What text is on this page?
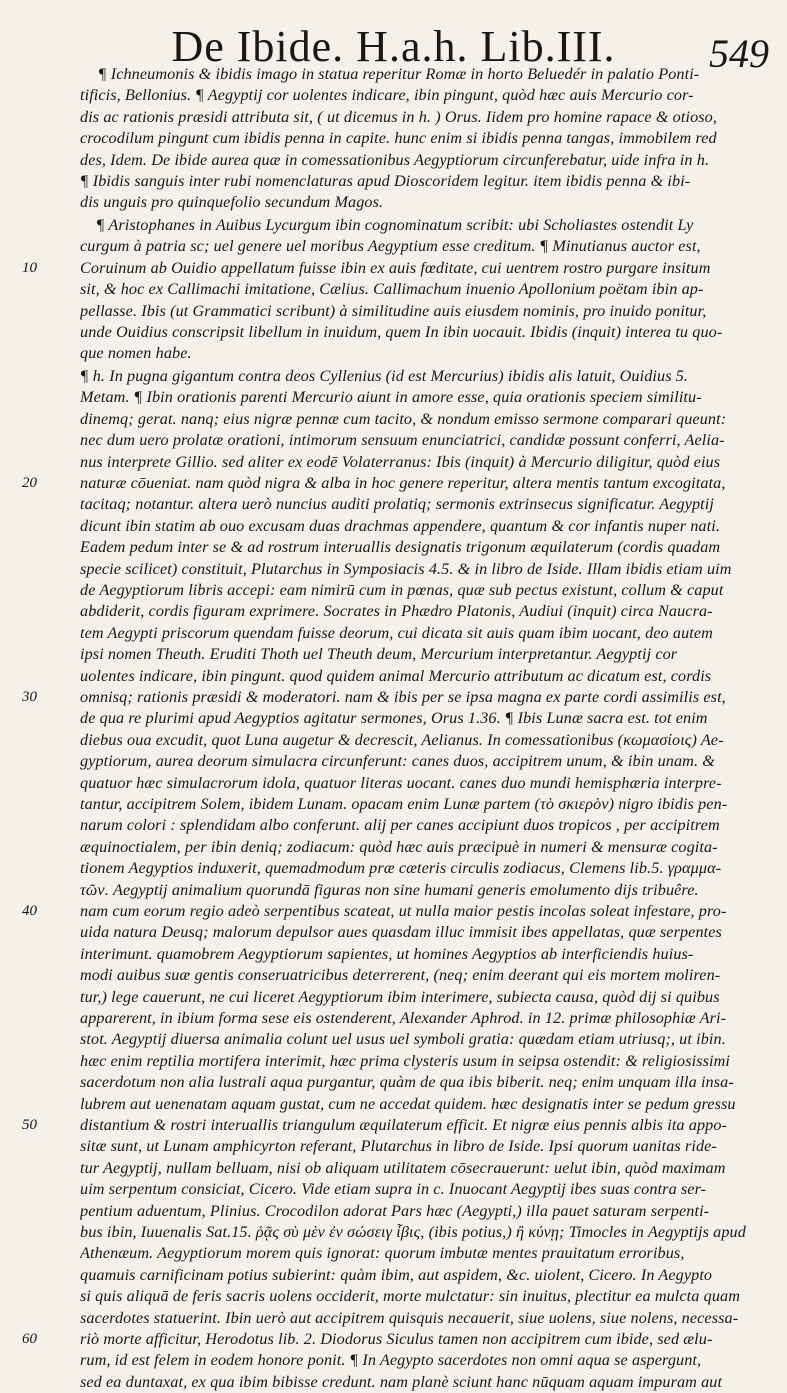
De Ibide. H.a.h. Lib.III.	549
¶ Ichneumonis & ibidis imago in statua reperitur Romæ in horto Beluedér in palatio Ponti-
tificis, Bellonius. ¶ Aegyptij cor uolentes indicare, ibin pingunt, quòd hæc auis Mercurio cor-
dis ac rationis præsidi attributa sit, ( ut dicemus in h. ) Orus. Iidem pro homine rapace & otioso,
crocodilum pingunt cum ibidis penna in capite. hunc enim si ibidis penna tangas, immobilem red
des, Idem. De ibide aurea quæ in comessationibus Aegyptiorum circunferebatur, uide infra in h.
¶ Ibidis sanguis inter rubi nomenclaturas apud Dioscoridem legitur. item ibidis penna & ibi-
dis unguis pro quinquefolio secundum Magos.
¶ Aristophanes in Auibus Lycurgum ibin cognominatum scribit: ubi Scholiastes ostendit Ly
curgum à patria sc; uel genere uel moribus Aegyptium esse creditum. ¶ Minutianus auctor est,
Coruinum ab Ouidio appellatum fuisse ibin ex auis fœditate, cui uentrem rostro purgare insitum
sit, & hoc ex Callimachi imitatione, Cælius. Callimachum inuenio Apollonium poëtam ibin ap-
pellasse. Ibis (ut Grammatici scribunt) à similitudine auis eiusdem nominis, pro inuido ponitur,
unde Ouidius conscripsit libellum in inuidum, quem In ibin uocauit. Ibidis (inquit) interea tu quo-
que nomen habe.
¶ h. In pugna gigantum contra deos Cyllenius (id est Mercurius) ibidis alis latuit, Ouidius 5.
Metam. ¶ Ibin orationis parenti Mercurio aiunt in amore esse, quia orationis speciem similitu-
dinemq; gerat. nanq; eius nigræ pennæ cum tacito, & nondum emisso sermone comparari queunt:
nec dum uero prolatæ orationi, intimorum sensuum enunciatrici, candidæ possunt conferri, Aelia-
nus interprete Gillio. sed aliter ex eodē Volaterranus: Ibis (inquit) à Mercurio diligitur, quòd eius
naturæ cōueniat. nam quòd nigra & alba in hoc genere reperitur, altera mentis tantum excogitata,
tacitaq; notantur. altera uerò nuncius auditi prolatiq; sermonis extrinsecus significatur. Aegyptij
dicunt ibin statim ab ouo excusam duas drachmas appendere, quantum & cor infantis nuper nati.
Eadem pedum inter se & ad rostrum interuallis designatis trigonum æquilaterum (cordis quadam
specie scilicet) constituit, Plutarchus in Symposiacis 4.5. & in libro de Iside. Illam ibidis etiam uim
de Aegyptiorum libris accepi: eam nimirū cum in pœnas, quæ sub pectus existunt, collum & caput
abdiderit, cordis figuram exprimere. Socrates in Phædro Platonis, Audiui (inquit) circa Naucra-
tem Aegypti priscorum quendam fuisse deorum, cui dicata sit auis quam ibim uocant, deo autem
ipsi nomen Theuth. Eruditi Thoth uel Theuth deum, Mercurium interpretantur. Aegyptij cor
uolentes indicare, ibin pingunt. quod quidem animal Mercurio attributum ac dicatum est, cordis
omnisq; rationis præsidi & moderatori. nam & ibis per se ipsa magna ex parte cordi assimilis est,
de qua re plurimi apud Aegyptios agitatur sermones, Orus 1.36. ¶ Ibis Lunæ sacra est. tot enim
diebus oua excudit, quot Luna augetur & decrescit, Aelianus. In comessationibus (κωμασίοις) Ae-
gyptiorum, aurea deorum simulacra circunferunt: canes duos, accipitrem unum, & ibin unam. &
quatuor hæc simulacrorum idola, quatuor literas uocant. canes duo mundi hemisphæria interpre-
tantur, accipitrem Solem, ibidem Lunam. opacam enim Lunæ partem (τὸ σκιερὸν) nigro ibidis pen-
narum colori : splendidam albo conferunt. alij per canes accipiunt duos tropicos , per accipitrem
æquinoctialem, per ibin deniq; zodiacum: quòd hæc auis præcipuè in numeri & mensuræ cogita-
tionem Aegyptios induxerit, quemadmodum præ cæteris circulis zodiacus, Clemens lib.5. γραμμα-
τῶν. Aegyptij animalium quorundā figuras non sine humani generis emolumento dijs tribuêre.
nam cum eorum regio adeò serpentibus scateat, ut nulla maior pestis incolas soleat infestare, pro-
uida natura Deusq; malorum depulsor aues quasdam illuc immisit ibes appellatas, quæ serpentes
interimunt. quamobrem Aegyptiorum sapientes, ut homines Aegyptios ab interficiendis huius-
modi auibus suæ gentis conseruatricibus deterrerent, (neq; enim deerant qui eis mortem moliren-
tur,) lege cauerunt, ne cui liceret Aegyptiorum ibim interimere, subiecta causa, quòd dij si quibus
apparerent, in ibium forma sese eis ostenderent, Alexander Aphrod. in 12. primæ philosophiæ Ari-
stot. Aegyptij diuersa animalia colunt uel usus uel symboli gratia: quædam etiam utriusq;, ut ibin.
hæc enim reptilia mortifera interimit, hæc prima clysteris usum in seipsa ostendit: & religiosissimi
sacerdotum non alia lustrali aqua purgantur, quàm de qua ibis biberit. neq; enim unquam illa insa-
lubrem aut uenenatam aquam gustat, cum ne accedat quidem. hæc designatis inter se pedum gressu
distantium & rostri interuallis triangulum æquilaterum efficit. Et nigræ eius pennis albis ita appo-
sitæ sunt, ut Lunam amphicyrton referant, Plutarchus in libro de Iside. Ipsi quorum uanitas ride-
tur Aegyptij, nullam belluam, nisi ob aliquam utilitatem cōsecrauerunt: uelut ibin, quòd maximam
uim serpentum consiciat, Cicero. Vide etiam supra in c. Inuocant Aegyptij ibes suas contra ser-
pentium aduentum, Plinius. Crocodilon adorat Pars hæc (Aegypti,) illa pauet saturam serpenti-
bus ibin, Iuuenalis Sat.15. ῥᾷς σὺ μὲν ἐν σώσειγ ἶβις, (ibis potius,) ἢ κύνῃ; Timocles in Aegyptijs apud
Athenæum. Aegyptiorum morem quis ignorat: quorum imbutæ mentes prauitatum erroribus,
quamuis carnificinam potius subierint: quàm ibim, aut aspidem, &c. uiolent, Cicero. In Aegypto
si quis aliquā de feris sacris uolens occiderit, morte mulctatur: sin inuitus, plectitur ea mulcta quam
sacerdotes statuerint. Ibin uerò aut accipitrem quisquis necauerit, siue uolens, siue nolens, necessa-
riò morte afficitur, Herodotus lib. 2. Diodorus Siculus tamen non accipitrem cum ibide, sed ælu-
rum, id est felem in eodem honore ponit. ¶ In Aegypto sacerdotes non omni aqua se aspergunt,
sed ea duntaxat, ex qua ibim bibisse credunt. nam planè sciunt hanc nūquam aquam impuram aut
10
20
30
40
50
60
